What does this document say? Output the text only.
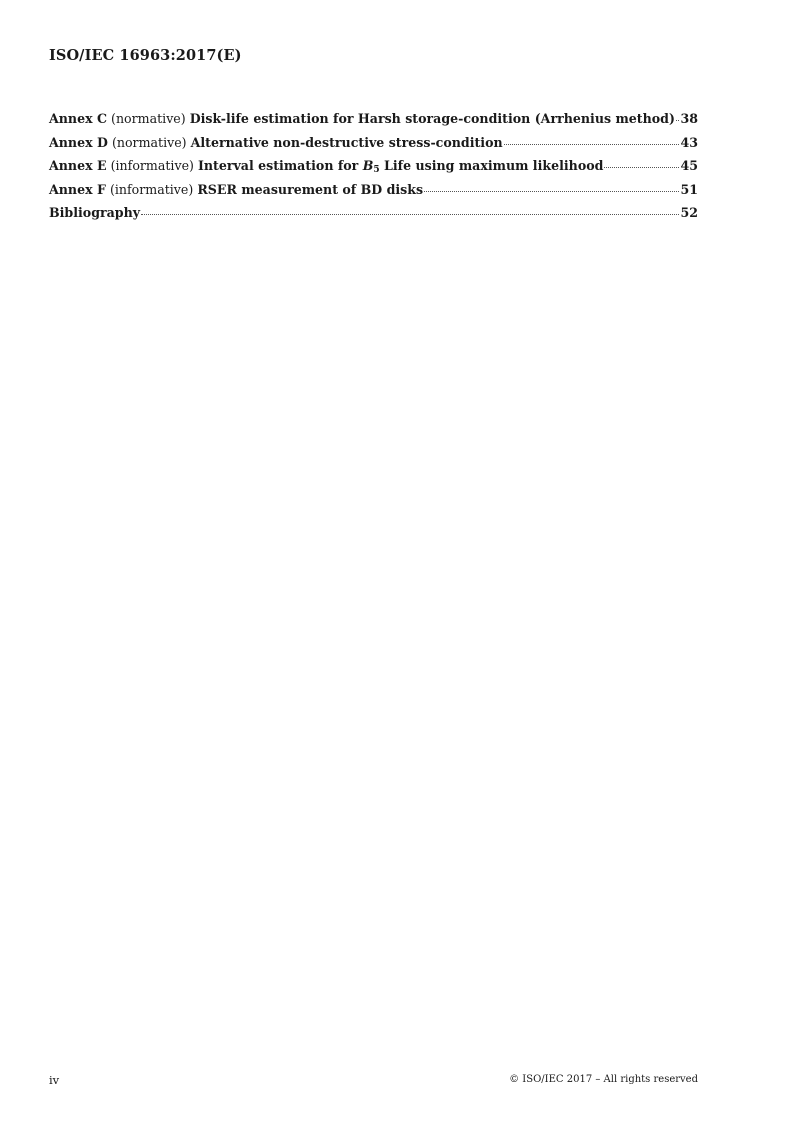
ISO/IEC 16963:2017(E)
Annex C (normative) Disk-life estimation for Harsh storage-condition (Arrhenius method) 38
Annex D (normative) Alternative non-destructive stress-condition	43
Annex E (informative) Interval estimation for $B_5$ Life using maximum likelihood	45
Annex F (informative) RSER measurement of BD disks	51
Bibliography	52
iv	© ISO/IEC 2017 – All rights reserved
